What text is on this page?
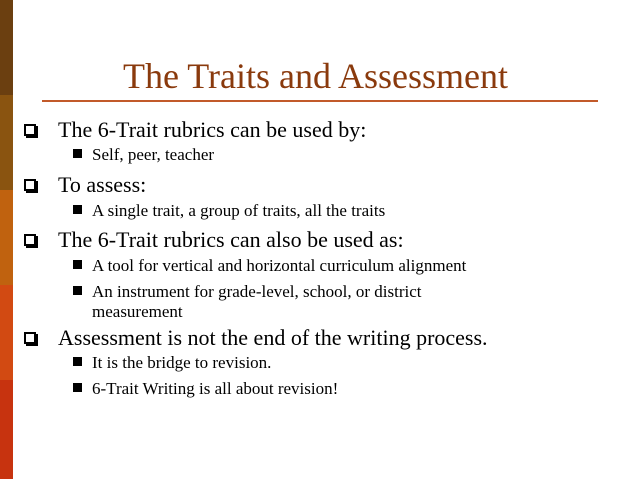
The Traits and Assessment
The 6-Trait rubrics can be used by:
Self, peer, teacher
To assess:
A single trait, a group of traits, all the traits
The 6-Trait rubrics can also be used as:
A tool for vertical and horizontal curriculum alignment
An instrument for grade-level, school, or district
measurement
Assessment is not the end of the writing process.
It is the bridge to revision.
6-Trait Writing is all about revision!
